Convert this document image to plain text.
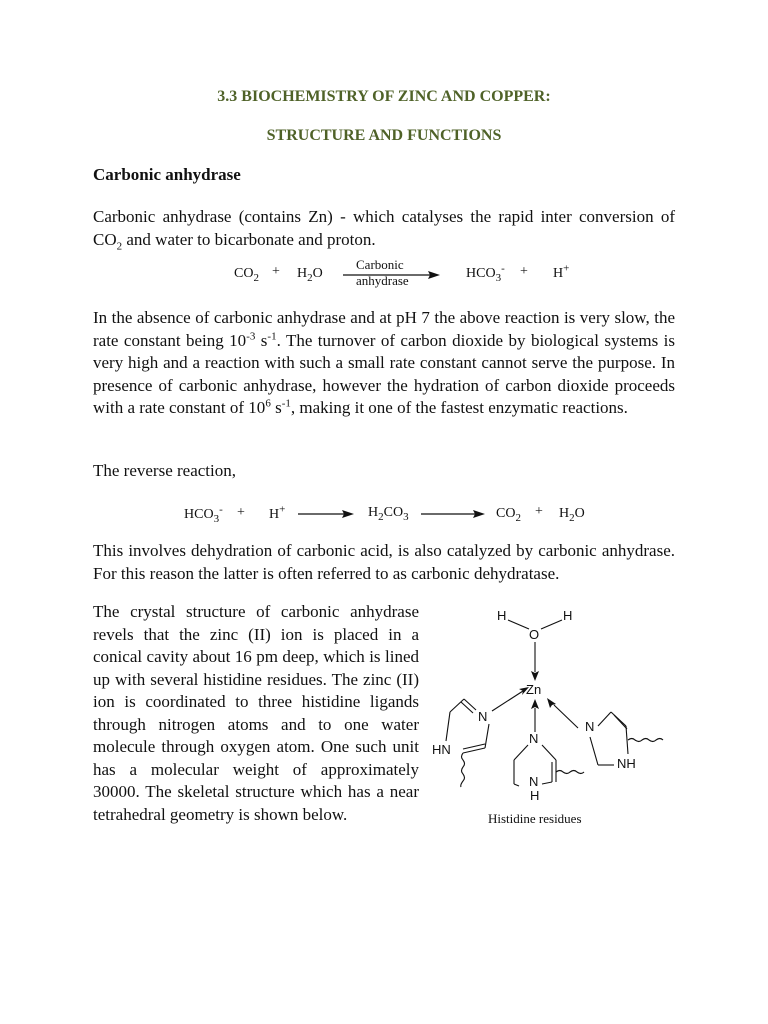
3.3 BIOCHEMISTRY OF ZINC AND COPPER:
STRUCTURE AND FUNCTIONS
Carbonic anhydrase

Carbonic anhydrase (contains Zn) - which catalyses the rapid inter conversion of $CO_2$ and water to bicarbonate and proton.

$CO_2 + H_2O$
Carbonic
anhydrase	$HCO_3^- + H^+$

In the absence of carbonic anhydrase and at pH 7 the above reaction is very slow, the rate constant being $10^{-3}$ $s^{-1}$. The turnover of carbon dioxide by biological systems is very high and a reaction with such a small rate constant cannot serve the purpose. In presence of carbonic anhydrase, however the hydration of carbon dioxide proceeds with a rate constant of $10^6$ $s^{-1}$, making it one of the fastest enzymatic reactions.

The reverse reaction,

$HCO_3^- + H^+$	$H_2CO_3$	$CO_2 + H_2O$

This involves dehydration of carbonic acid, is also catalyzed by carbonic anhydrase. For this reason the latter is often referred to as carbonic dehydratase.

The crystal structure of carbonic anhydrase revels that the zinc (II) ion is placed in a conical cavity about 16 pm deep, which is lined up with several histidine residues. The zinc (II) ion is coordinated to three histidine ligands through nitrogen atoms and to one water molecule through oxygen atom. One such unit has a molecular weight of approximately 30000. The skeletal structure which has a near tetrahedral geometry is shown below.

H	H
O
Zn
N
HN
N
N
H
N
NH
Histidine residues
